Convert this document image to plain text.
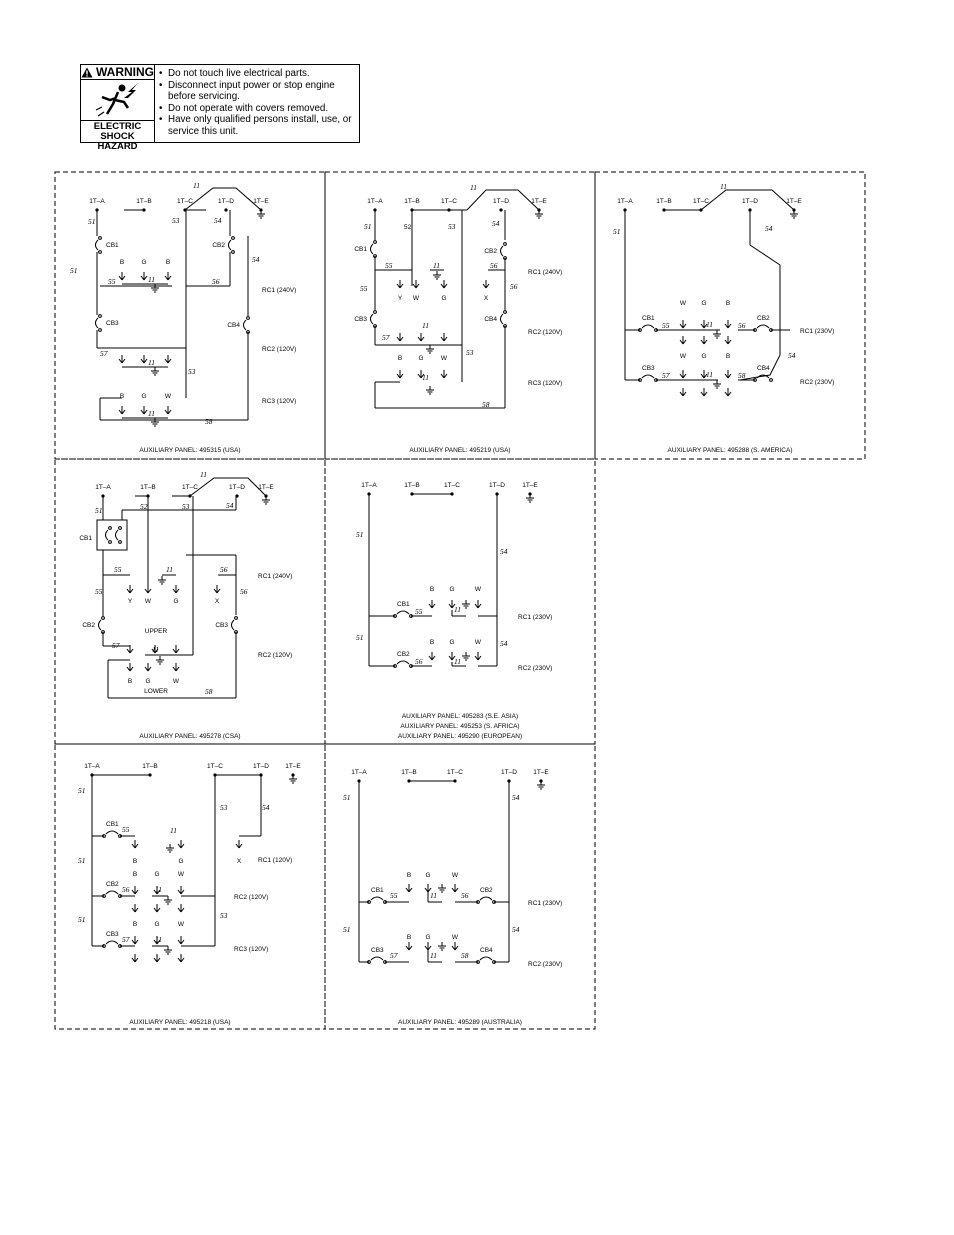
WARNING
ELECTRIC
SHOCK HAZARD
• Do not touch live electrical parts.
• Disconnect input power or stop engine before servicing.
• Do not operate with covers removed.
• Have only qualified persons install, use, or service this unit.
1T–A	1T–B	1T–C	1T–D	1T–E
11
51	53	54
CB1
51
CB3
57
CB2
56
54
CB4
58
55
B	G	B
11
11
B	G	W
11
53
RC1 (240V)
RC2 (120V)
RC3 (120V)
AUXILIARY PANEL: 495315 (USA)
1T–A	1T–B	1T–C	1T–D	1T–E
11
52
51	53	54
CB1
55
CB3
57
55
CB2
56
CB4
58
53
Y W	G
11
X
56
11
B	G	W
11
RC1 (240V)
RC2 (120V)
RC3 (120V)
AUXILIARY PANEL: 495219 (USA)
1T–A	1T–B	1T–C	1T–D	1T–E
11
51	54
54
CB1
55
CB2
56
CB3
57
CB4
58
W G	B
W G	B
11
11
RC1 (230V)
RC2 (230V)
AUXILIARY PANEL: 495288 (S. AMERICA)
1T–A	1T–B	1T–C	1T–D 1T–E
11
51	52	53	54
CB1
55
55
Y W
11
G
56
X
56
CB2
57
CB3
UPPER
11
B G	W
LOWER	58
RC1 (240V)
RC2 (120V)
AUXILIARY PANEL: 495278 (CSA)
1T–A	1T–B	1T–C	1T–D	1T–E
51
51
54
54
CB1
55
CB2
56
B G	W
B G	W
11
11
RC1 (230V)
RC2 (230V)
AUXILIARY PANEL: 495283 (S.E. ASIA)
AUXILIARY PANEL: 495253 (S. AFRICA)
AUXILIARY PANEL: 495290 (EUROPEAN)
1T–A	1T–B	1T–C	1T–D	1T–E
51
51
51
53
53
54
CB1
55
B
11
G	X
CB2
56
B
11
G	W
CB3
57
B
11
G	W
RC1 (120V)
RC2 (120V)
RC3 (120V)
AUXILIARY PANEL: 495218 (USA)
1T–A	1T–B	1T–C	1T–D	1T–E
51
51
54
54
CB1
55
CB2
56
CB3
57
CB4
58
B G	W
B G	W
11
11
RC1 (230V)
RC2 (230V)
AUXILIARY PANEL: 495289 (AUSTRALIA)
